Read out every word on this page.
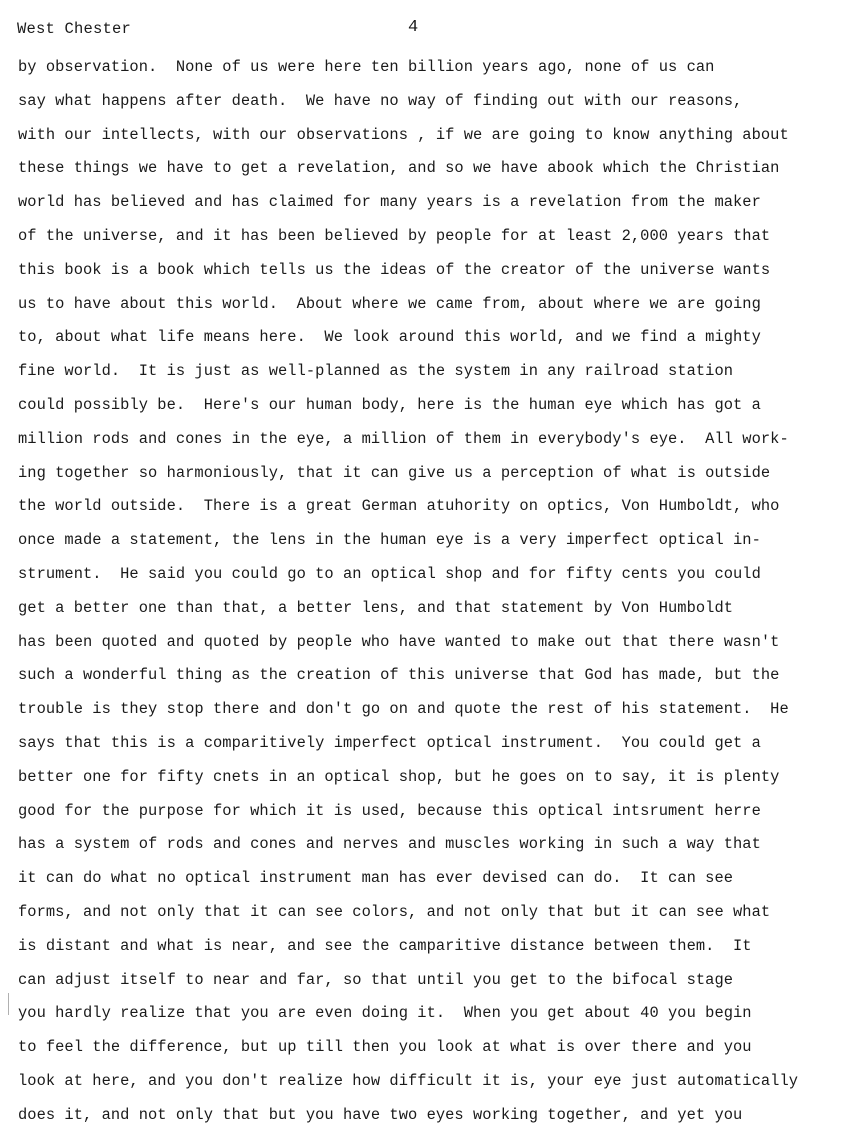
West Chester	4
by observation.  None of us were here ten billion years ago, none of us can
say what happens after death.  We have no way of finding out with our reasons,
with our intellects, with our observations , if we are going to know anything about
these things we have to get a revelation, and so we have abook which the Christian
world has believed and has claimed for many years is a revelation from the maker
of the universe, and it has been believed by people for at least 2,000 years that
this book is a book which tells us the ideas of the creator of the universe wants
us to have about this world.  About where we came from, about where we are going
to, about what life means here.  We look around this world, and we find a mighty
fine world.  It is just as well-planned as the system in any railroad station
could possibly be.  Here's our human body, here is the human eye which has got a
million rods and cones in the eye, a million of them in everybody's eye.  All work-
ing together so harmoniously, that it can give us a perception of what is outside
the world outside.  There is a great German atuhority on optics, Von Humboldt, who
once made a statement, the lens in the human eye is a very imperfect optical in-
strument.  He said you could go to an optical shop and for fifty cents you could
get a better one than that, a better lens, and that statement by Von Humboldt
has been quoted and quoted by people who have wanted to make out that there wasn't
such a wonderful thing as the creation of this universe that God has made, but the
trouble is they stop there and don't go on and quote the rest of his statement.  He
says that this is a comparitively imperfect optical instrument.  You could get a
better one for fifty cnets in an optical shop, but he goes on to say, it is plenty
good for the purpose for which it is used, because this optical intsrument herre
has a system of rods and cones and nerves and muscles working in such a way that
it can do what no optical instrument man has ever devised can do.  It can see
forms, and not only that it can see colors, and not only that but it can see what
is distant and what is near, and see the camparitive distance between them.  It
can adjust itself to near and far, so that until you get to the bifocal stage
you hardly realize that you are even doing it.  When you get about 40 you begin
to feel the difference, but up till then you look at what is over there and you
look at here, and you don't realize how difficult it is, your eye just automatically
does it, and not only that but you have two eyes working together, and yet you
